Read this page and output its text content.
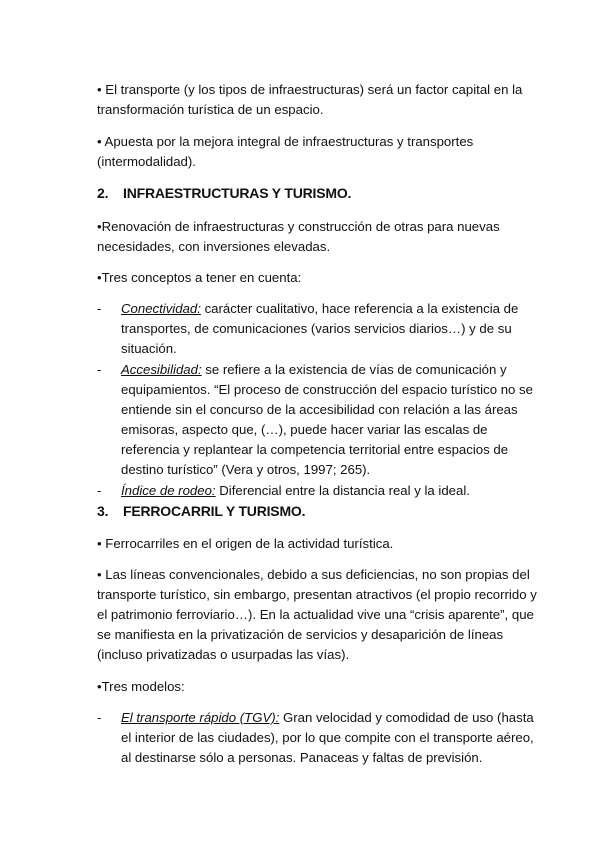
• El transporte (y los tipos de infraestructuras) será un factor capital en la transformación turística de un espacio.

• Apuesta por la mejora integral de infraestructuras y transportes (intermodalidad).

2. INFRAESTRUCTURAS Y TURISMO.

•Renovación de infraestructuras y construcción de otras para nuevas necesidades, con inversiones elevadas.

•Tres conceptos a tener en cuenta:

- Conectividad: carácter cualitativo, hace referencia a la existencia de transportes, de comunicaciones (varios servicios diarios…) y de su situación.
- Accesibilidad: se refiere a la existencia de vías de comunicación y equipamientos. “El proceso de construcción del espacio turístico no se entiende sin el concurso de la accesibilidad con relación a las áreas emisoras, aspecto que, (…), puede hacer variar las escalas de referencia y replantear la competencia territorial entre espacios de destino turístico” (Vera y otros, 1997; 265).
- Índice de rodeo: Diferencial entre la distancia real y la ideal.

3. FERROCARRIL Y TURISMO.

• Ferrocarriles en el origen de la actividad turística.

• Las líneas convencionales, debido a sus deficiencias, no son propias del transporte turístico, sin embargo, presentan atractivos (el propio recorrido y el patrimonio ferroviario…). En la actualidad vive una “crisis aparente”, que se manifiesta en la privatización de servicios y desaparición de líneas (incluso privatizadas o usurpadas las vías).

•Tres modelos:

- El transporte rápido (TGV): Gran velocidad y comodidad de uso (hasta el interior de las ciudades), por lo que compite con el transporte aéreo, al destinarse sólo a personas. Panaceas y faltas de previsión.
